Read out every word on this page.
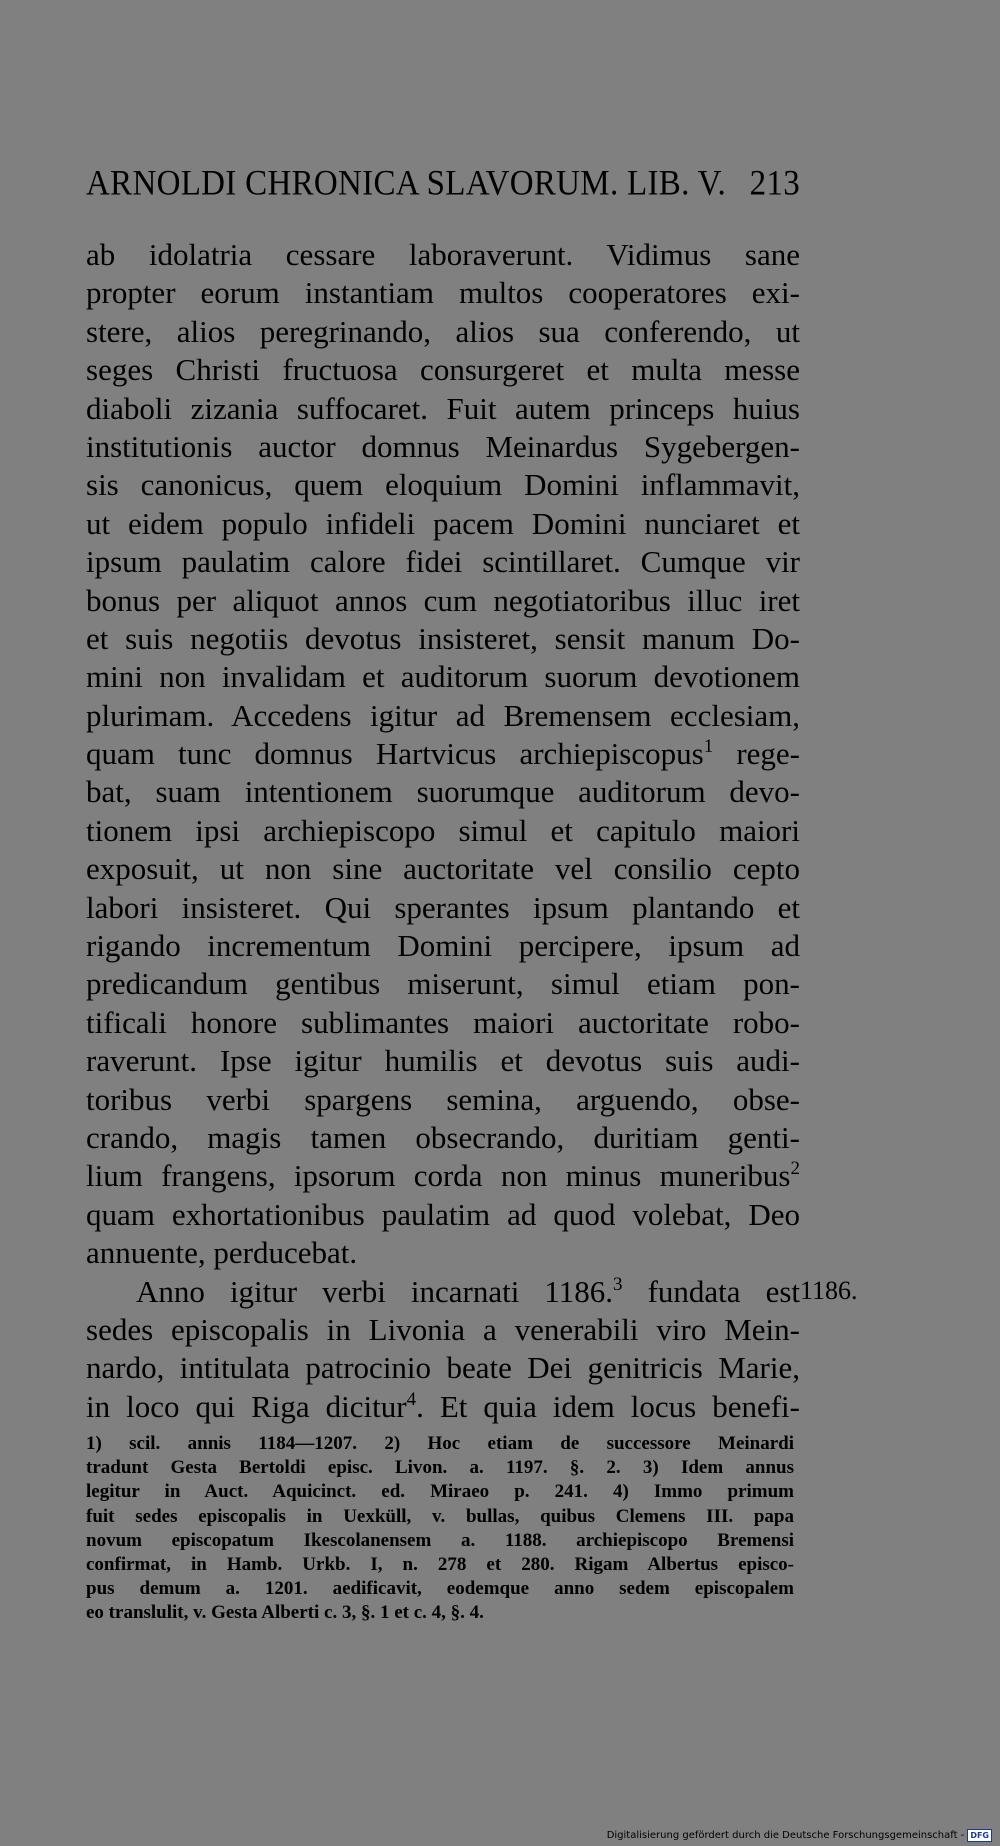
ARNOLDI CHRONICA SLAVORUM. LIB. V. 213
ab idolatria cessare laboraverunt. Vidimus sane
propter eorum instantiam multos cooperatores exi-
stere, alios peregrinando, alios sua conferendo, ut
seges Christi fructuosa consurgeret et multa messe
diaboli zizania suffocaret. Fuit autem princeps huius
institutionis auctor domnus Meinardus Sygebergen-
sis canonicus, quem eloquium Domini inflammavit,
ut eidem populo infideli pacem Domini nunciaret et
ipsum paulatim calore fidei scintillaret. Cumque vir
bonus per aliquot annos cum negotiatoribus illuc iret
et suis negotiis devotus insisteret, sensit manum Do-
mini non invalidam et auditorum suorum devotionem
plurimam. Accedens igitur ad Bremensem ecclesiam,
quam tunc domnus Hartvicus archiepiscopus$^1$ rege-
bat, suam intentionem suorumque auditorum devo-
tionem ipsi archiepiscopo simul et capitulo maiori
exposuit, ut non sine auctoritate vel consilio cepto
labori insisteret. Qui sperantes ipsum plantando et
rigando incrementum Domini percipere, ipsum ad
predicandum gentibus miserunt, simul etiam pon-
tificali honore sublimantes maiori auctoritate robo-
raverunt. Ipse igitur humilis et devotus suis audi-
toribus verbi spargens semina, arguendo, obse-
crando, magis tamen obsecrando, duritiam genti-
lium frangens, ipsorum corda non minus muneribus$^2$
quam exhortationibus paulatim ad quod volebat, Deo
annuente, perducebat.
Anno igitur verbi incarnati 1186.$^3$ fundata est
sedes episcopalis in Livonia a venerabili viro Mein-
nardo, intitulata patrocinio beate Dei genitricis Marie,
in loco qui Riga dicitur$^4$. Et quia idem locus benefi-
1186.
1) scil. annis 1184—1207. 2) Hoc etiam de successore Meinardi
tradunt Gesta Bertoldi episc. Livon. a. 1197. §. 2. 3) Idem annus
legitur in Auct. Aquicinct. ed. Miraeo p. 241. 4) Immo primum
fuit sedes episcopalis in Uexküll, v. bullas, quibus Clemens III. papa
novum episcopatum Ikescolanensem a. 1188. archiepiscopo Bremensi
confirmat, in Hamb. Urkb. I, n. 278 et 280. Rigam Albertus episco-
pus demum a. 1201. aedificavit, eodemque anno sedem episcopalem
eo translulit, v. Gesta Alberti c. 3, §. 1 et c. 4, §. 4.
Digitalisierung gefördert durch die Deutsche Forschungsgemeinschaft - DFG
